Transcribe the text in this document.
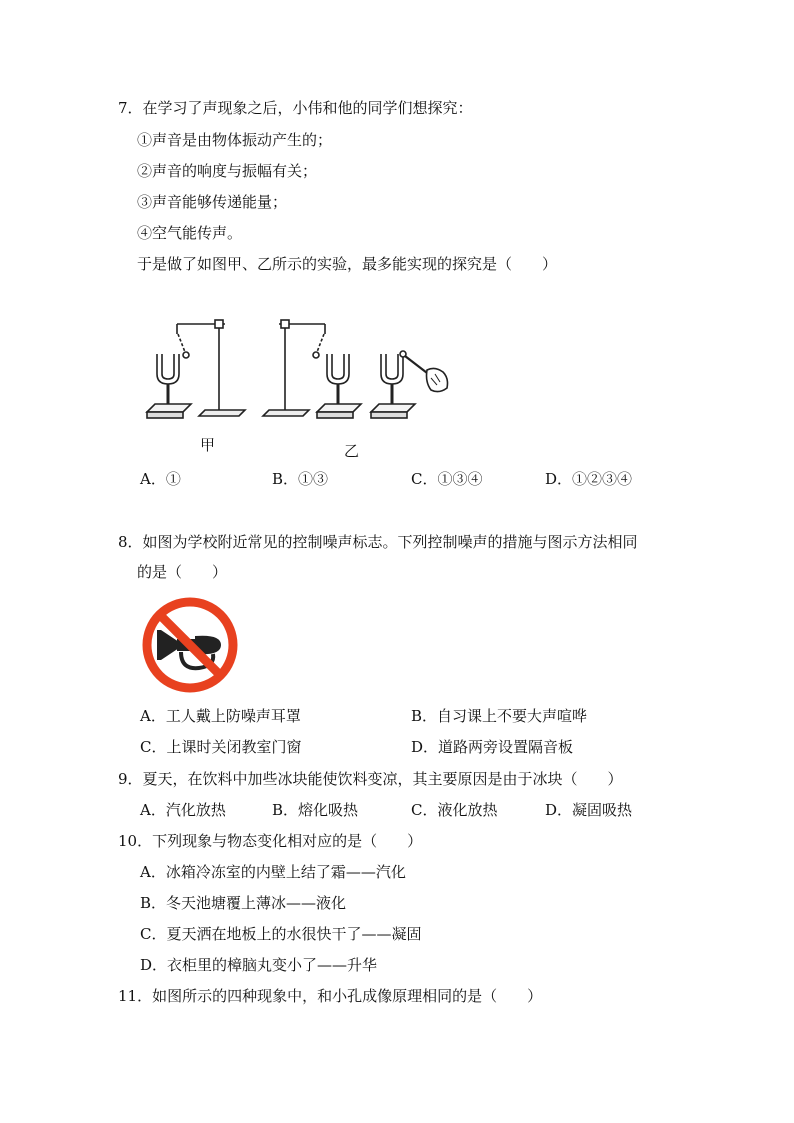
7．在学习了声现象之后，小伟和他的同学们想探究：
①声音是由物体振动产生的；
②声音的响度与振幅有关；
③声音能够传递能量；
④空气能传声。
于是做了如图甲、乙所示的实验，最多能实现的探究是（　　）
甲	乙
A．①	B．①③	C．①③④	D．①②③④
8．如图为学校附近常见的控制噪声标志。下列控制噪声的措施与图示方法相同
的是（　　）
A．工人戴上防噪声耳罩	B．自习课上不要大声喧哗
C．上课时关闭教室门窗	D．道路两旁设置隔音板
9．夏天，在饮料中加些冰块能使饮料变凉，其主要原因是由于冰块（　　）
A．汽化放热	B．熔化吸热	C．液化放热	D．凝固吸热
10．下列现象与物态变化相对应的是（　　）
A．冰箱冷冻室的内壁上结了霜——汽化
B．冬天池塘覆上薄冰——液化
C．夏天洒在地板上的水很快干了——凝固
D．衣柜里的樟脑丸变小了——升华
11．如图所示的四种现象中，和小孔成像原理相同的是（　　）
